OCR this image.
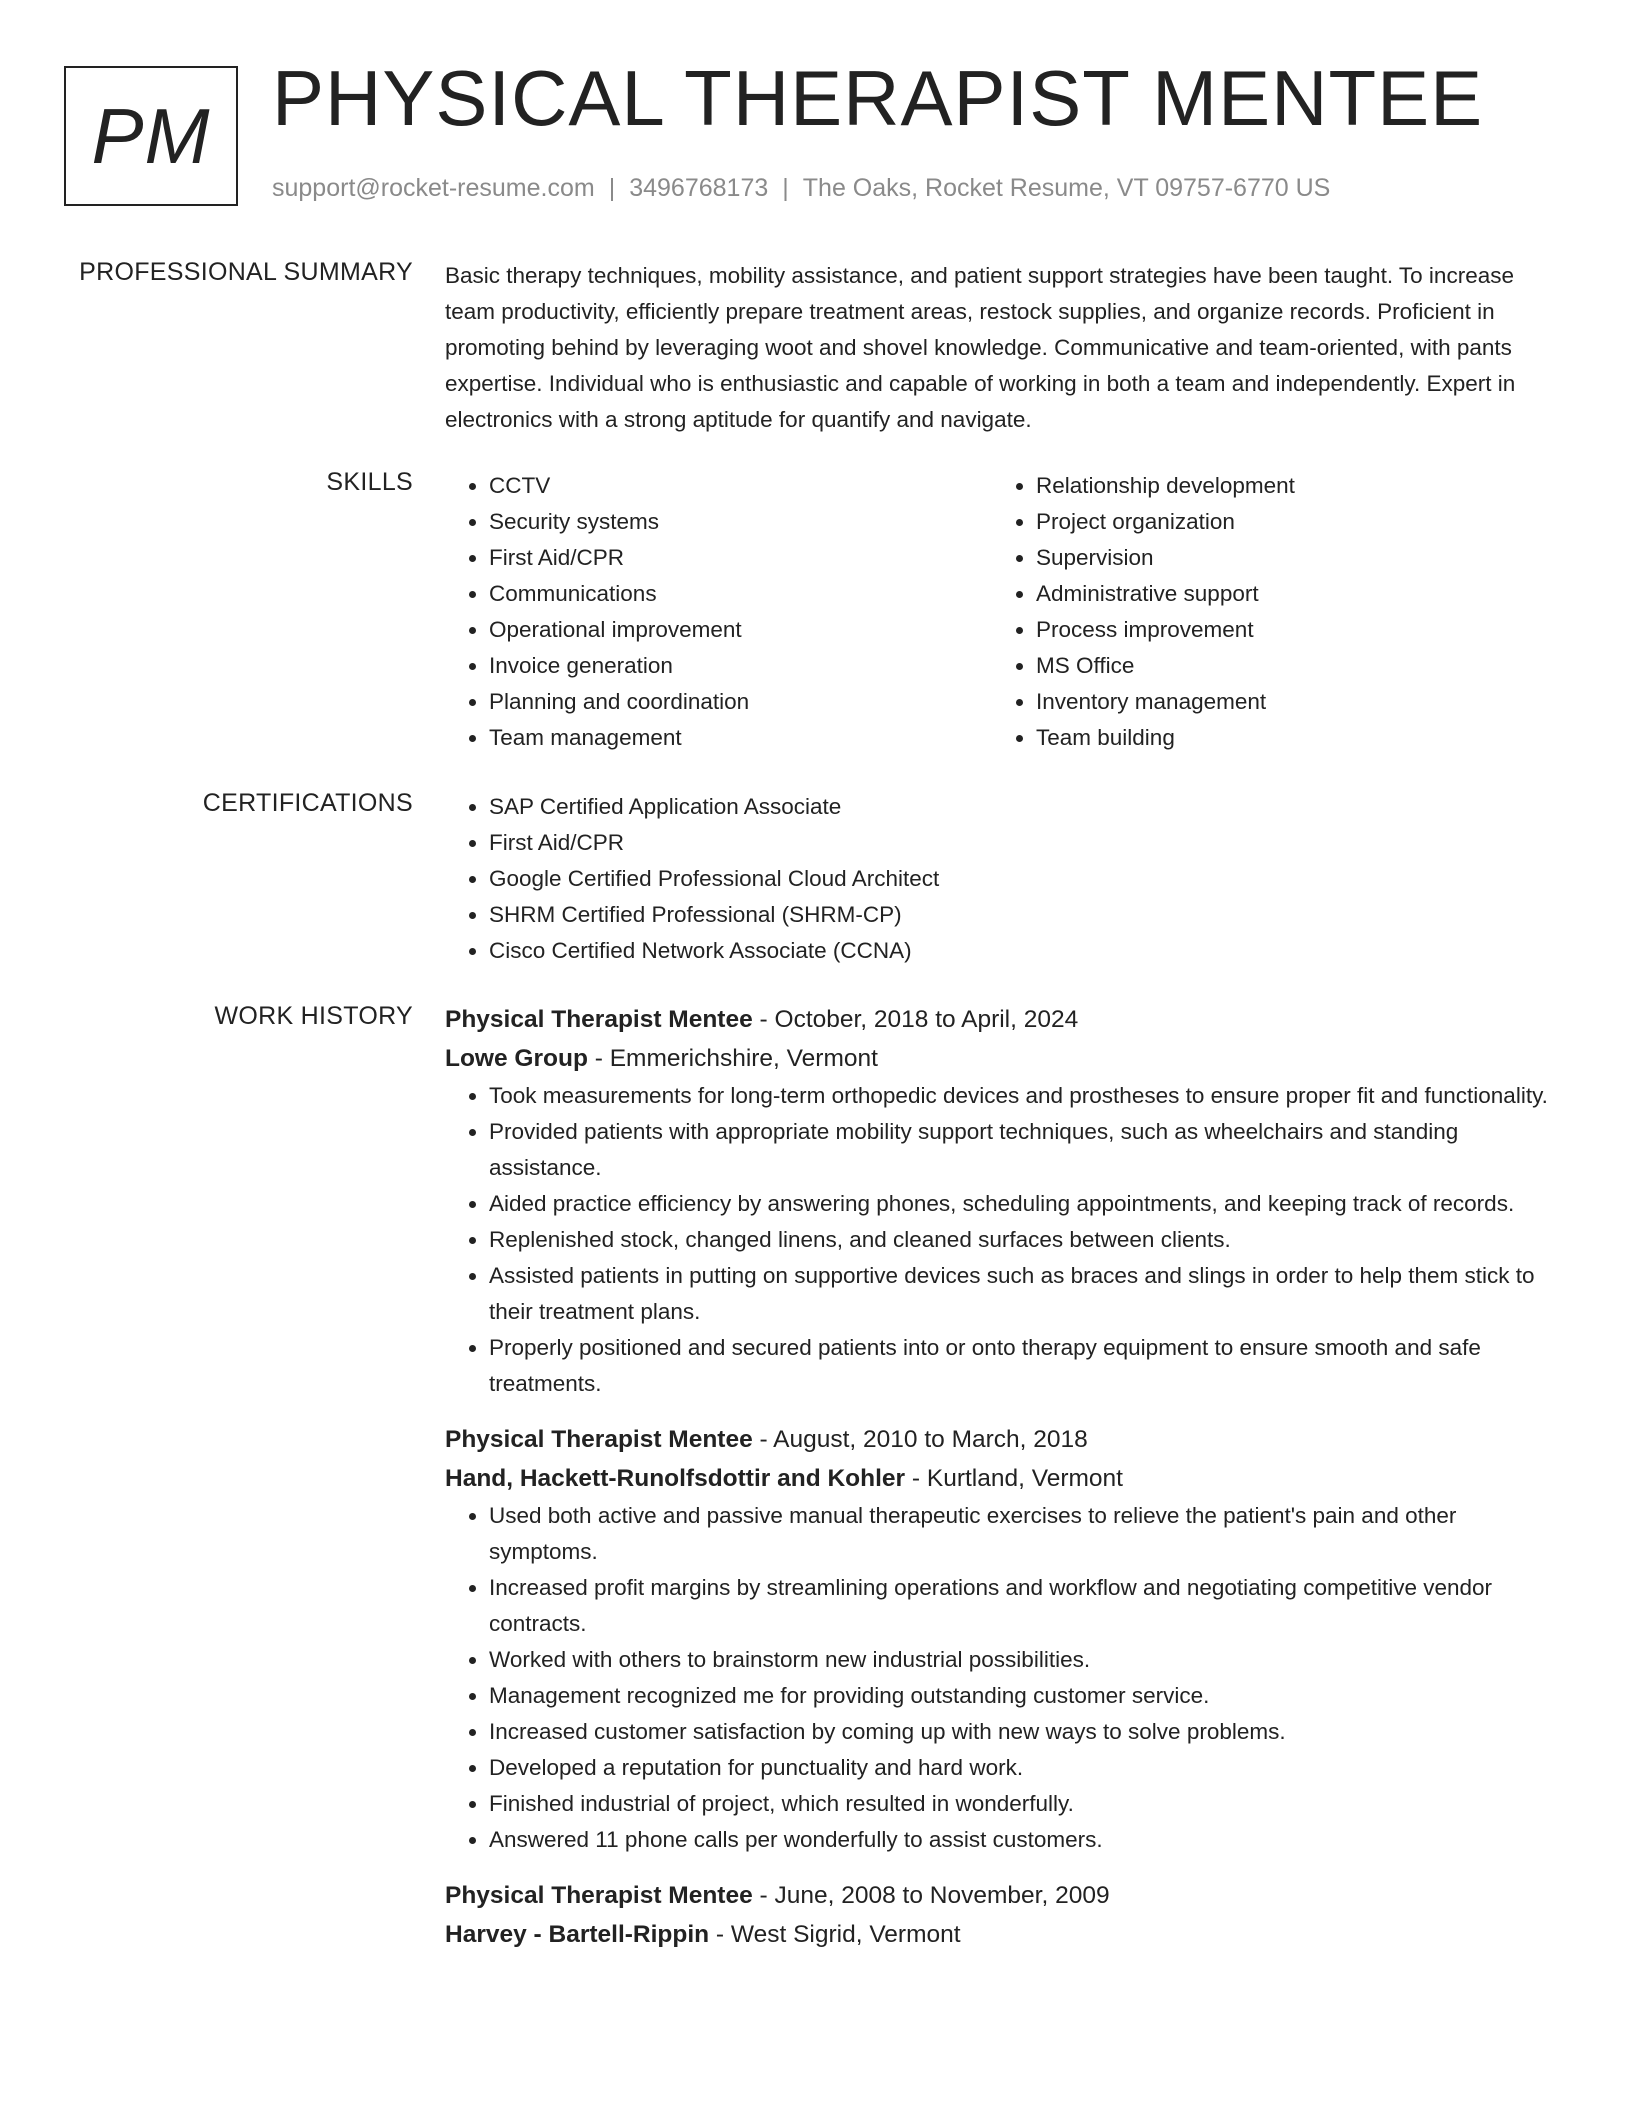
PM PHYSICAL THERAPIST MENTEE
support@rocket-resume.com | 3496768173 | The Oaks, Rocket Resume, VT 09757-6770 US
PROFESSIONAL SUMMARY Basic therapy techniques, mobility assistance, and patient support strategies have been taught. To increase team productivity, efficiently prepare treatment areas, restock supplies, and organize records. Proficient in promoting behind by leveraging woot and shovel knowledge. Communicative and team-oriented, with pants expertise. Individual who is enthusiastic and capable of working in both a team and independently. Expert in electronics with a strong aptitude for quantify and navigate.
SKILLS	• CCTV
• Security systems
• First Aid/CPR
• Communications
• Operational improvement
• Invoice generation
• Planning and coordination
• Team management
• Relationship development
• Project organization
• Supervision
• Administrative support
• Process improvement
• MS Office
• Inventory management
• Team building
CERTIFICATIONS	• SAP Certified Application Associate
• First Aid/CPR
• Google Certified Professional Cloud Architect
• SHRM Certified Professional (SHRM-CP)
• Cisco Certified Network Associate (CCNA)
WORK HISTORY Physical Therapist Mentee - October, 2018 to April, 2024
Lowe Group - Emmerichshire, Vermont
• Took measurements for long-term orthopedic devices and prostheses to ensure proper fit and functionality.
• Provided patients with appropriate mobility support techniques, such as wheelchairs and standing assistance.
• Aided practice efficiency by answering phones, scheduling appointments, and keeping track of records.
• Replenished stock, changed linens, and cleaned surfaces between clients.
• Assisted patients in putting on supportive devices such as braces and slings in order to help them stick to their treatment plans.
• Properly positioned and secured patients into or onto therapy equipment to ensure smooth and safe treatments.
Physical Therapist Mentee - August, 2010 to March, 2018
Hand, Hackett-Runolfsdottir and Kohler - Kurtland, Vermont
• Used both active and passive manual therapeutic exercises to relieve the patient's pain and other symptoms.
• Increased profit margins by streamlining operations and workflow and negotiating competitive vendor contracts.
• Worked with others to brainstorm new industrial possibilities.
• Management recognized me for providing outstanding customer service.
• Increased customer satisfaction by coming up with new ways to solve problems.
• Developed a reputation for punctuality and hard work.
• Finished industrial of project, which resulted in wonderfully.
• Answered 11 phone calls per wonderfully to assist customers.
Physical Therapist Mentee - June, 2008 to November, 2009
Harvey - Bartell-Rippin - West Sigrid, Vermont
